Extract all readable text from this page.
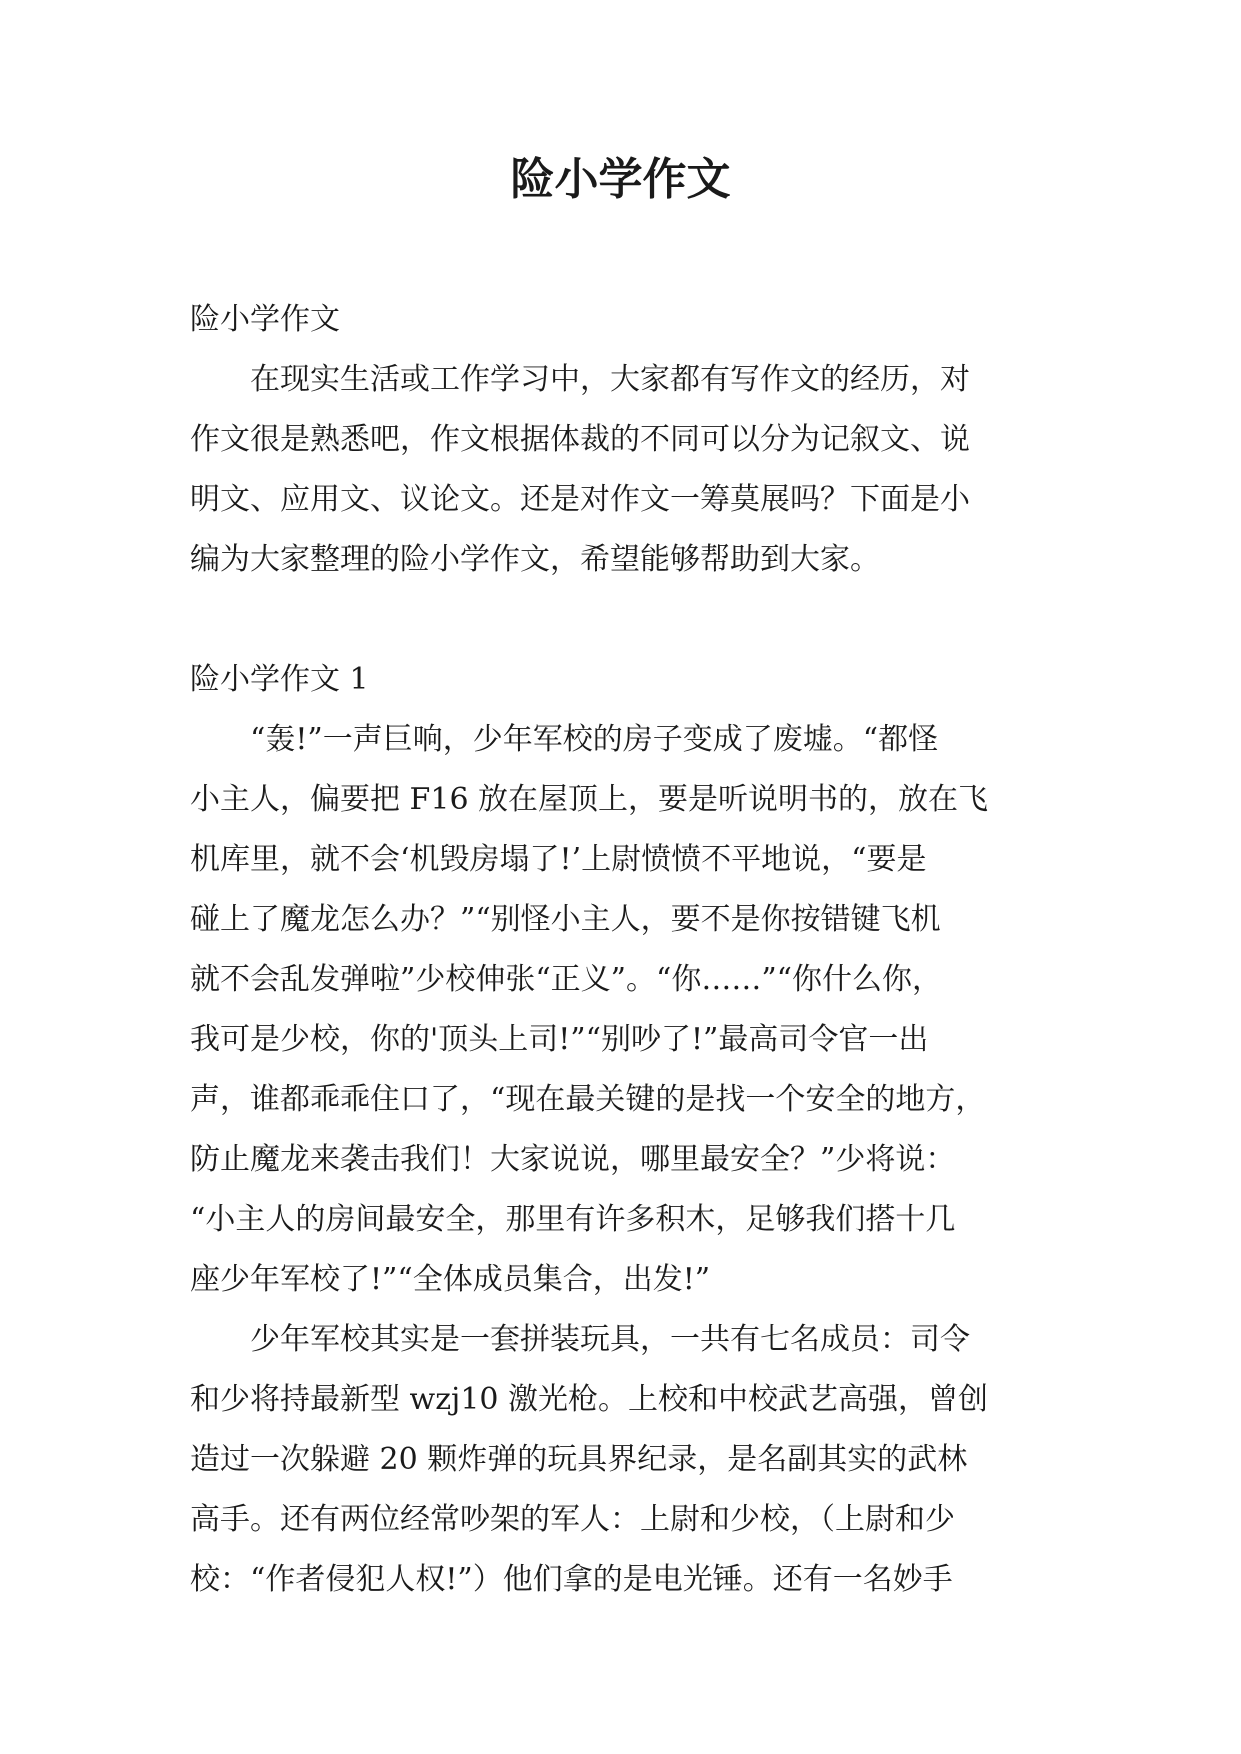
险小学作文
险小学作文
　　在现实生活或工作学习中，大家都有写作文的经历，对
作文很是熟悉吧，作文根据体裁的不同可以分为记叙文、说
明文、应用文、议论文。还是对作文一筹莫展吗？下面是小
编为大家整理的险小学作文，希望能够帮助到大家。
险小学作文 1
　　“轰!”一声巨响，少年军校的房子变成了废墟。“都怪
小主人，偏要把 F16 放在屋顶上，要是听说明书的，放在飞
机库里，就不会‘机毁房塌了!’上尉愤愤不平地说，“要是
碰上了魔龙怎么办？”“别怪小主人，要不是你按错键飞机
就不会乱发弹啦”少校伸张“正义”。“你……”“你什么你，
我可是少校，你的'顶头上司!”“别吵了!”最高司令官一出
声，谁都乖乖住口了，“现在最关键的是找一个安全的地方，
防止魔龙来袭击我们！大家说说，哪里最安全？”少将说：
“小主人的房间最安全，那里有许多积木，足够我们搭十几
座少年军校了!”“全体成员集合，出发!”
　　少年军校其实是一套拼装玩具，一共有七名成员：司令
和少将持最新型 wzj10 激光枪。上校和中校武艺高强，曾创
造过一次躲避 20 颗炸弹的玩具界纪录，是名副其实的武林
高手。还有两位经常吵架的军人：上尉和少校，（上尉和少
校：“作者侵犯人权!”）他们拿的是电光锤。还有一名妙手
